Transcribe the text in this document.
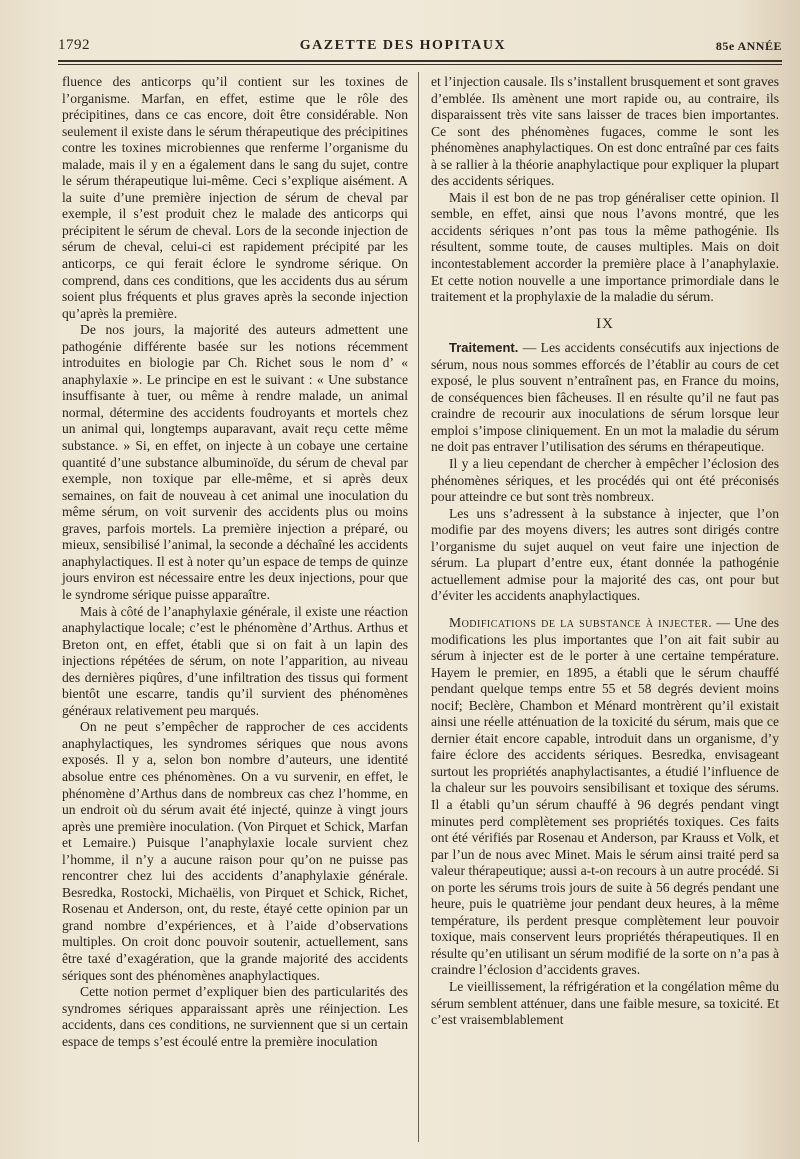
1792	GAZETTE DES HOPITAUX	85e ANNÉE

fluence des anticorps qu’il contient sur les toxines de l’organisme. Marfan, en effet, estime que le rôle des précipitines, dans ce cas encore, doit être considérable. Non seulement il existe dans le sérum thérapeutique des précipitines contre les toxines microbiennes que renferme l’organisme du malade, mais il y en a également dans le sang du sujet, contre le sérum thérapeutique lui-même. Ceci s’explique aisément. A la suite d’une première injection de sérum de cheval par exemple, il s’est produit chez le malade des anticorps qui précipitent le sérum de cheval. Lors de la seconde injection de sérum de cheval, celui-ci est rapidement précipité par les anticorps, ce qui ferait éclore le syndrome sérique. On comprend, dans ces conditions, que les accidents dus au sérum soient plus fréquents et plus graves après la seconde injection qu’après la première.

De nos jours, la majorité des auteurs admettent une pathogénie différente basée sur les notions récemment introduites en biologie par Ch. Richet sous le nom d’ « anaphylaxie ». Le principe en est le suivant : « Une substance insuffisante à tuer, ou même à rendre malade, un animal normal, déterminе des accidents foudroyants et mortels chez un animal qui, longtemps auparavant, avait reçu cette même substance. » Si, en effet, on injecte à un cobaye une certaine quantité d’une substance albuminoïde, du sérum de cheval par exemple, non toxique par elle-même, et si après deux semaines, on fait de nouveau à cet animal une inoculation du même sérum, on voit survenir des accidents plus ou moins graves, parfois mortels. La première injection a préparé, ou mieux, sensibilisé l’animal, la seconde a déchaîné les accidents anaphylactiques. Il est à noter qu’un espace de temps de quinze jours environ est nécessaire entre les deux injections, pour que le syndrome sérique puisse apparaître.

Mais à côté de l’anaphylaxie générale, il existe une réaction anaphylactique locale; c’est le phénomène d’Arthus. Arthus et Breton ont, en effet, établi que si on fait à un lapin des injections répétées de sérum, on note l’apparition, au niveau des dernières piqûres, d’une infiltration des tissus qui forment bientôt une escarre, tandis qu’il survient des phénomènes généraux relativement peu marqués.

On ne peut s’empêcher de rapprocher de ces accidents anaphylactiques, les syndromes sériques que nous avons exposés. Il y a, selon bon nombre d’auteurs, une identité absolue entre ces phénomènes. On a vu survenir, en effet, le phénomène d’Arthus dans de nombreux cas chez l’homme, en un endroit où du sérum avait été injecté, quinze à vingt jours après une première inoculation. (Von Pirquet et Schick, Marfan et Lemaire.) Puisque l’anaphylaxie locale survient chez l’homme, il n’y a aucune raison pour qu’on ne puisse pas rencontrer chez lui des accidents d’anaphylaxie générale. Besredka, Rostocki, Michaëlis, von Pirquet et Schick, Richet, Rosenau et Anderson, ont, du reste, étayé cette opinion par un grand nombre d’expériences, et à l’aide d’observations multiples. On croit donc pouvoir soutenir, actuellement, sans être taxé d’exagération, que la grande majorité des accidents sériques sont des phénomènes anaphylactiques.

Cette notion permet d’expliquer bien des particularités des syndromes sériques apparaissant après une réinjection. Les accidents, dans ces conditions, ne surviennent que si un certain espace de temps s’est écoulé entre la première inoculation

et l’injection causale. Ils s’installent brusquement et sont graves d’emblée. Ils amènent une mort rapide ou, au contraire, ils disparaissent très vite sans laisser de traces bien importantes. Ce sont des phénomènes fugaces, comme le sont les phénomènes anaphylactiques. On est donc entraîné par ces faits à se rallier à la théorie anaphylactique pour expliquer la plupart des accidents sériques.

Mais il est bon de ne pas trop généraliser cette opinion. Il semble, en effet, ainsi que nous l’avons montré, que les accidents sériques n’ont pas tous la même pathogénie. Ils résultent, somme toute, de causes multiples. Mais on doit incontestablement accorder la première place à l’anaphylaxie. Et cette notion nouvelle a une importance primordiale dans le traitement et la prophylaxie de la maladie du sérum.

IX

Traitement. — Les accidents consécutifs aux injections de sérum, nous nous sommes efforcés de l’établir au cours de cet exposé, le plus souvent n’entraînent pas, en France du moins, de conséquences bien fâcheuses. Il en résulte qu’il ne faut pas craindre de recourir aux inoculations de sérum lorsque leur emploi s’impose cliniquement. En un mot la maladie du sérum ne doit pas entraver l’utilisation des sérums en thérapeutique.

Il y a lieu cependant de chercher à empêcher l’éclosion des phénomènes sériques, et les procédés qui ont été préconisés pour atteindre ce but sont très nombreux.

Les uns s’adressent à la substance à injecter, que l’on modifie par des moyens divers; les autres sont dirigés contre l’organisme du sujet auquel on veut faire une injection de sérum. La plupart d’entre eux, étant donnée la pathogénie actuellement admise pour la majorité des cas, ont pour but d’éviter les accidents anaphylactiques.

Modifications de la substance à injecter. — Une des modifications les plus importantes que l’on ait fait subir au sérum à injecter est de le porter à une certaine température. Hayem le premier, en 1895, a établi que le sérum chauffé pendant quelque temps entre 55 et 58 degrés devient moins nocif; Beclère, Chambon et Ménard montrèrent qu’il existait ainsi une réelle atténuation de la toxicité du sérum, mais que ce dernier était encore capable, introduit dans un organisme, d’y faire éclore des accidents sériques. Besredka, envisageant surtout les propriétés anaphylactisantes, a étudié l’influence de la chaleur sur les pouvoirs sensibilisant et toxique des sérums. Il a établi qu’un sérum chauffé à 96 degrés pendant vingt minutes perd complètement ses propriétés toxiques. Ces faits ont été vérifiés par Rosenau et Anderson, par Krauss et Volk, et par l’un de nous avec Minet. Mais le sérum ainsi traité perd sa valeur thérapeutique; aussi a-t-on recours à un autre procédé. Si on porte les sérums trois jours de suite à 56 degrés pendant une heure, puis le quatrième jour pendant deux heures, à la même température, ils perdent presque complètement leur pouvoir toxique, mais conservent leurs propriétés thérapeutiques. Il en résulte qu’en utilisant un sérum modifié de la sorte on n’a pas à craindre l’éclosion d’accidents graves.

Le vieillissement, la réfrigération et la congélation même du sérum semblent atténuer, dans une faible mesure, sa toxicité. Et c’est vraisemblablement
